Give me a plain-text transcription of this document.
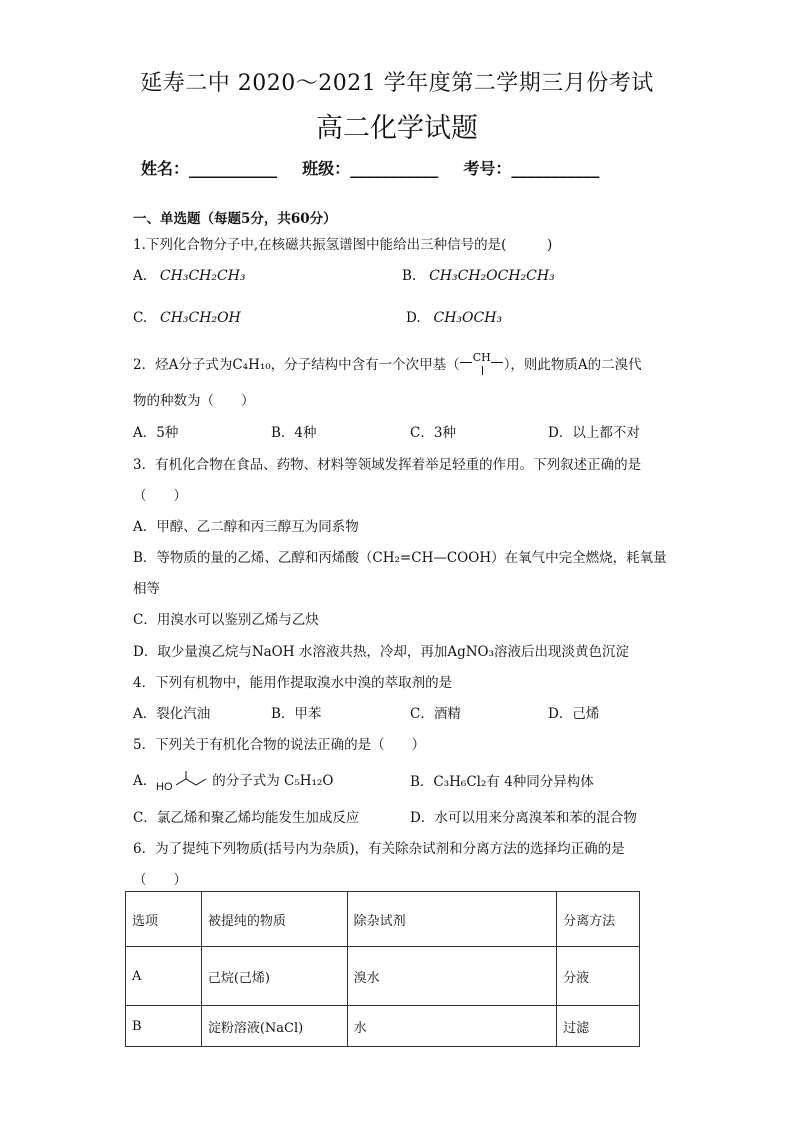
延寿二中 2020～2021 学年度第二学期三月份考试
高二化学试题
姓名：___________ 班级：___________ 考号：___________
一、单选题（每题5分，共60分）
1.下列化合物分子中,在核磁共振氢谱图中能给出三种信号的是(　　　)
A. CH₃CH₂CH₃	B. CH₃CH₂OCH₂CH₃
C. CH₃CH₂OH	D. CH₃OCH₃
2．烃A分子式为C₄H₁₀，分子结构中含有一个次甲基（ CH ），则此物质A的二溴代
物的种数为（　　）
A．5种	B．4种	C．3种	D．以上都不对
3．有机化合物在食品、药物、材料等领域发挥着举足轻重的作用。下列叙述正确的是
（　　）
A．甲醇、乙二醇和丙三醇互为同系物
B．等物质的量的乙烯、乙醇和丙烯酸（CH₂=CH—COOH）在氧气中完全燃烧，耗氧量
相等
C．用溴水可以鉴别乙烯与乙炔
D．取少量溴乙烷与NaOH 水溶液共热，冷却，再加AgNO₃溶液后出现淡黄色沉淀
4．下列有机物中，能用作提取溴水中溴的萃取剂的是
A．裂化汽油	B．甲苯	C．酒精	D．己烯
5．下列关于有机化合物的说法正确的是（　　）
A． HO	的分子式为 C₅H₁₂O	B．C₃H₆Cl₂有 4种同分异构体
C．氯乙烯和聚乙烯均能发生加成反应	D．水可以用来分离溴苯和苯的混合物
6．为了提纯下列物质(括号内为杂质)，有关除杂试剂和分离方法的选择均正确的是
（　　）
选项	被提纯的物质	除杂试剂	分离方法
A	己烷(己烯)	溴水	分液
B	淀粉溶液(NaCl)	水	过滤
